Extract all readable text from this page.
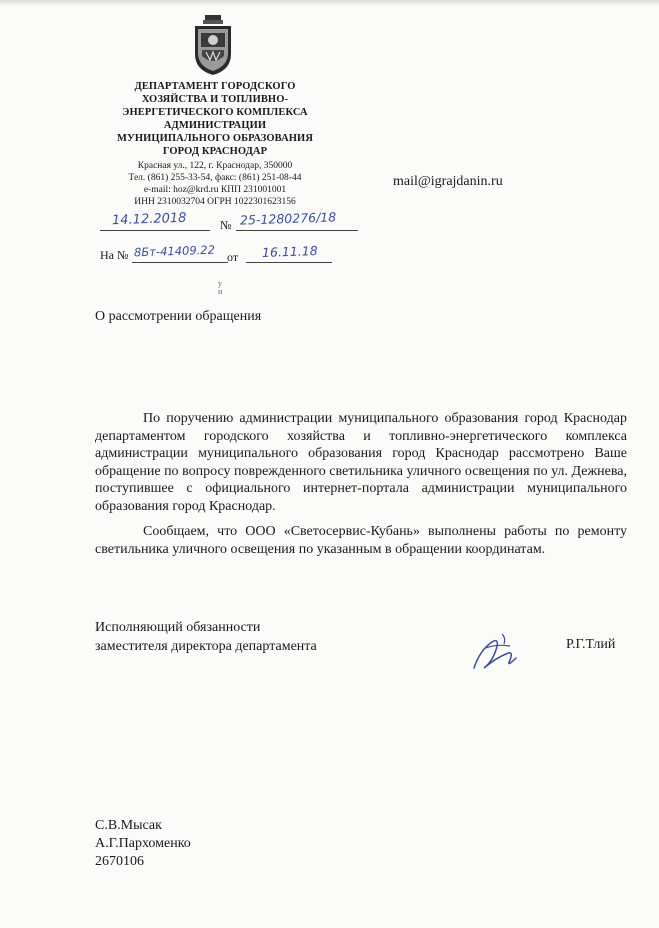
ДЕПАРТАМЕНТ ГОРОДСКОГО
ХОЗЯЙСТВА И ТОПЛИВНО-
ЭНЕРГЕТИЧЕСКОГО КОМПЛЕКСА
АДМИНИСТРАЦИИ
МУНИЦИПАЛЬНОГО ОБРАЗОВАНИЯ
ГОРОД КРАСНОДАР
Красная ул., 122, г. Краснодар, 350000
Тел. (861) 255-33-54, факс: (861) 251-08-44
e-mail: hoz@krd.ru КПП 231001001
ИНН 2310032704 ОГРН 1022301623156
mail@igrajdanin.ru
14.12.2018	№ 25-1280276/18
На № 8Бт-41409.22 от 16.11.18
у
н
О рассмотрении обращения
По поручению администрации муниципального образования город Краснодар департаментом городского хозяйства и топливно-энергетического комплекса администрации муниципального образования город Краснодар рассмотрено Ваше обращение по вопросу поврежденного светильника уличного освещения по ул. Дежнева, поступившее с официального интернет-портала администрации муниципального образования город Краснодар.
Сообщаем, что ООО «Светосервис-Кубань» выполнены работы по ремонту светильника уличного освещения по указанным в обращении координатам.
Исполняющий обязанности
заместителя директора департамента	Р.Г.Тлий
С.В.Мысак
А.Г.Пархоменко
2670106
